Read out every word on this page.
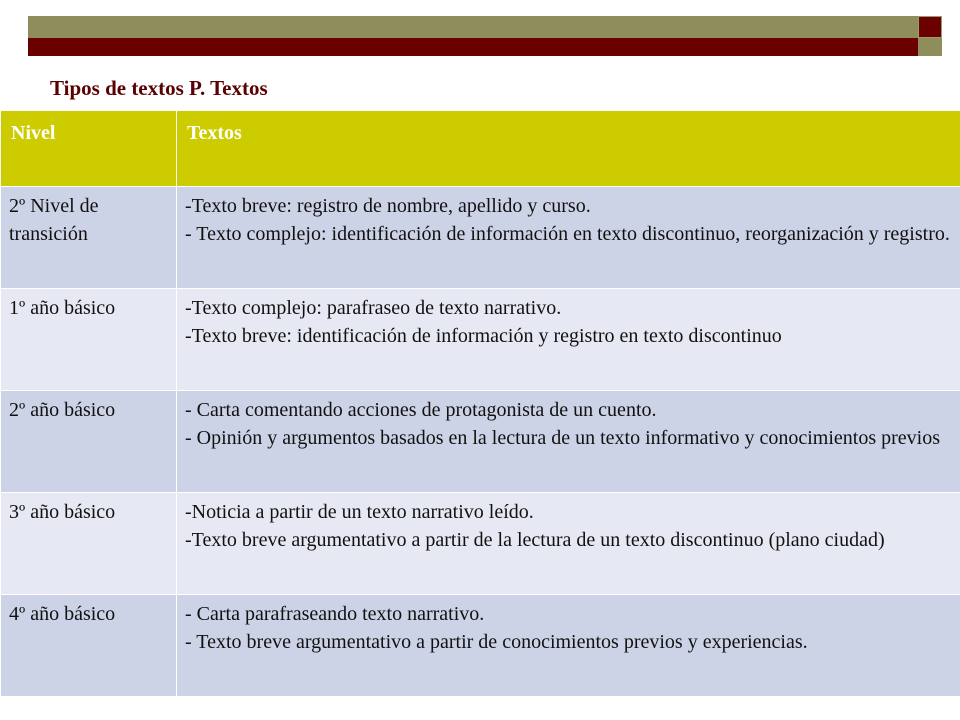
Tipos de textos P. Textos
Nivel	Textos
2º Nivel de transición	-Texto breve: registro de nombre, apellido y curso.
- Texto complejo: identificación de información en texto discontinuo, reorganización y registro.

1º año básico	-Texto complejo: parafraseo de texto narrativo.
-Texto breve: identificación de información y registro en texto discontinuo

2º año básico	- Carta comentando acciones de protagonista de un cuento.
- Opinión y argumentos basados en la lectura de un texto informativo y conocimientos previos

3º año básico	-Noticia a partir de un texto narrativo leído.
-Texto breve argumentativo a partir de la lectura de un texto discontinuo (plano ciudad)

4º año básico	- Carta parafraseando texto narrativo.
- Texto breve argumentativo a partir de conocimientos previos y experiencias.
